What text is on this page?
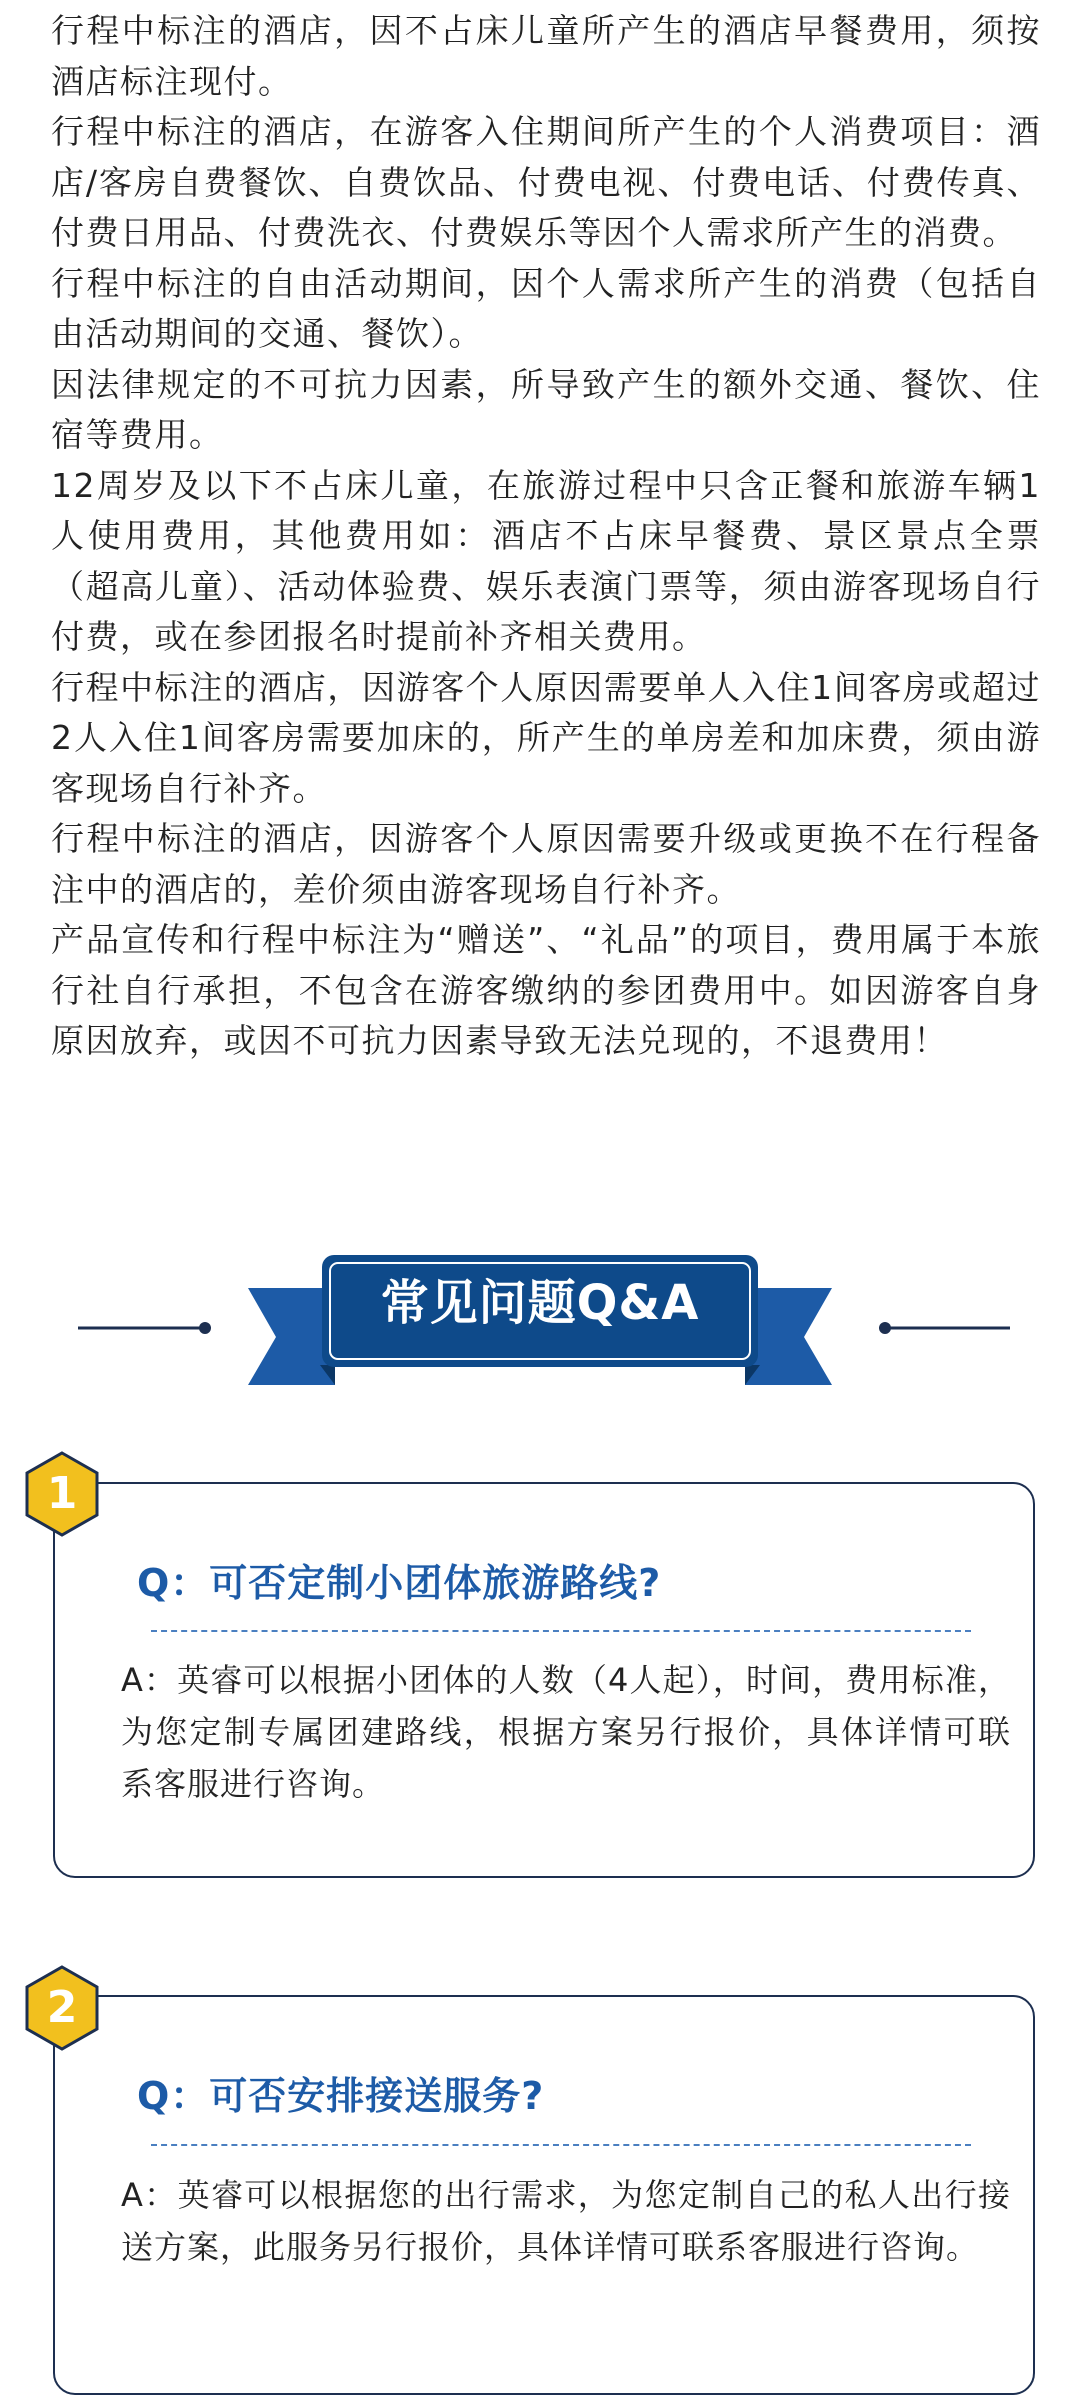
行程中标注的酒店，因不占床儿童所产生的酒店早餐费用，须按酒店标注现付。
行程中标注的酒店，在游客入住期间所产生的个人消费项目：酒店/客房自费餐饮、自费饮品、付费电视、付费电话、付费传真、付费日用品、付费洗衣、付费娱乐等因个人需求所产生的消费。
行程中标注的自由活动期间，因个人需求所产生的消费（包括自由活动期间的交通、餐饮）。
因法律规定的不可抗力因素，所导致产生的额外交通、餐饮、住宿等费用。
12周岁及以下不占床儿童，在旅游过程中只含正餐和旅游车辆1人使用费用，其他费用如：酒店不占床早餐费、景区景点全票（超高儿童）、活动体验费、娱乐表演门票等，须由游客现场自行付费，或在参团报名时提前补齐相关费用。
行程中标注的酒店，因游客个人原因需要单人入住1间客房或超过2人入住1间客房需要加床的，所产生的单房差和加床费，须由游客现场自行补齐。
行程中标注的酒店，因游客个人原因需要升级或更换不在行程备注中的酒店的，差价须由游客现场自行补齐。
产品宣传和行程中标注为“赠送”、“礼品”的项目，费用属于本旅行社自行承担，不包含在游客缴纳的参团费用中。如因游客自身原因放弃，或因不可抗力因素导致无法兑现的，不退费用！
常见问题Q&A
Q：可否定制小团体旅游路线?
A：英睿可以根据小团体的人数（4人起），时间，费用标准，为您定制专属团建路线，根据方案另行报价，具体详情可联系客服进行咨询。
1
Q：可否安排接送服务?
A：英睿可以根据您的出行需求，为您定制自己的私人出行接送方案，此服务另行报价，具体详情可联系客服进行咨询。
2
